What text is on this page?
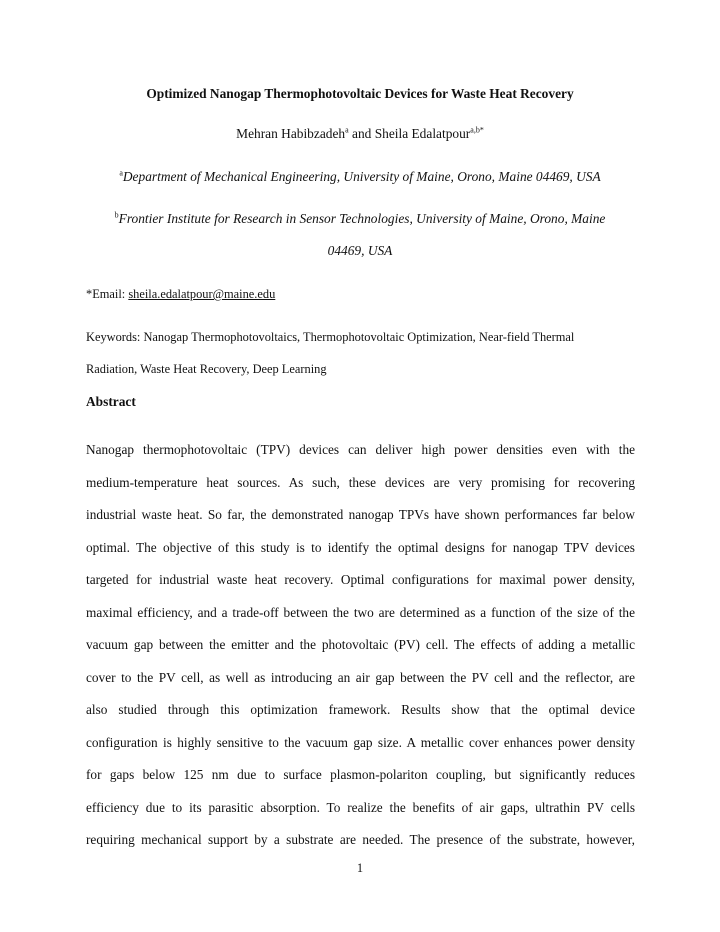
Optimized Nanogap Thermophotovoltaic Devices for Waste Heat Recovery
Mehran Habibzadeh$^a$ and Sheila Edalatpour$^{a,b*}$
$^a$Department of Mechanical Engineering, University of Maine, Orono, Maine 04469, USA
$^b$Frontier Institute for Research in Sensor Technologies, University of Maine, Orono, Maine
04469, USA
*Email: sheila.edalatpour@maine.edu
Keywords: Nanogap Thermophotovoltaics, Thermophotovoltaic Optimization, Near-field Thermal
Radiation, Waste Heat Recovery, Deep Learning
Abstract
Nanogap thermophotovoltaic (TPV) devices can deliver high power densities even with the
medium-temperature heat sources. As such, these devices are very promising for recovering
industrial waste heat. So far, the demonstrated nanogap TPVs have shown performances far below
optimal. The objective of this study is to identify the optimal designs for nanogap TPV devices
targeted for industrial waste heat recovery. Optimal configurations for maximal power density,
maximal efficiency, and a trade-off between the two are determined as a function of the size of the
vacuum gap between the emitter and the photovoltaic (PV) cell. The effects of adding a metallic
cover to the PV cell, as well as introducing an air gap between the PV cell and the reflector, are
also studied through this optimization framework. Results show that the optimal device
configuration is highly sensitive to the vacuum gap size. A metallic cover enhances power density
for gaps below 125 nm due to surface plasmon-polariton coupling, but significantly reduces
efficiency due to its parasitic absorption. To realize the benefits of air gaps, ultrathin PV cells
requiring mechanical support by a substrate are needed. The presence of the substrate, however,
1
